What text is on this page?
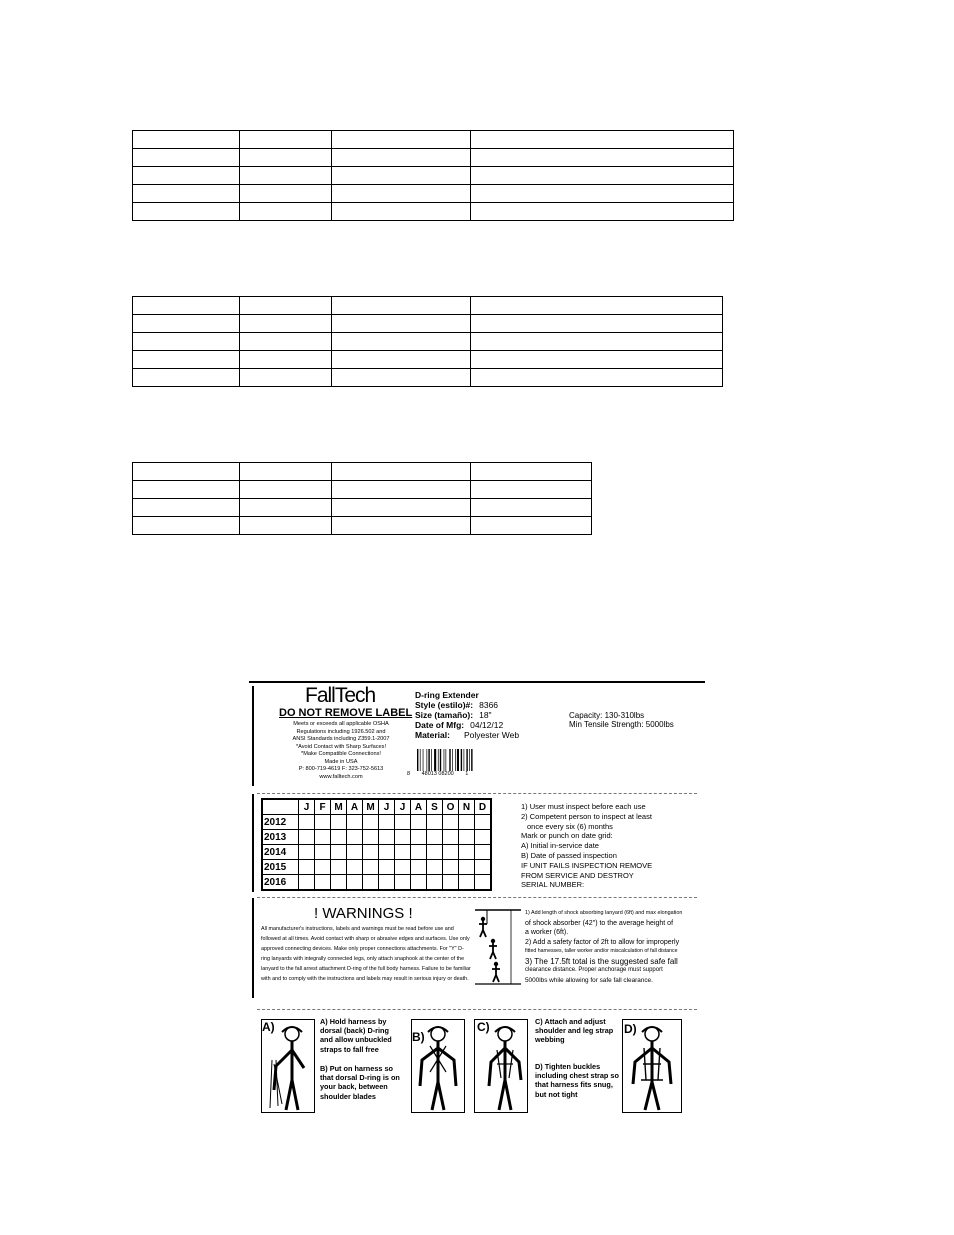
FallTech
DO NOT REMOVE LABEL
Meets or exceeds all applicable OSHA
Regulations including 1926.502 and
ANSI Standards including Z359.1-2007
*Avoid Contact with Sharp Surfaces!
*Make Compatible Connections!
Made in USA
P: 800-719-4619 F: 323-752-5613
www.falltech.com
D-ring Extender
Style (estilo)#: 8366
Size (tamaño): 18"
Date of Mfg: 04/12/12
Material: Polyester Web
Capacity: 130-310lbs
Min Tensile Strength: 5000lbs
8 48013 08200 1
	J	F	M	A	M	J	J	A	S	O	N	D
2012												
2013												
2014												
2015												
2016												
1) User must inspect before each use
2) Competent person to inspect at least
once every six (6) months
Mark or punch on date grid:
A) Initial in-service date
B) Date of passed inspection
IF UNIT FAILS INSPECTION REMOVE
FROM SERVICE AND DESTROY
SERIAL NUMBER:
! WARNINGS !
All manufacturer's instructions, labels and warnings must be read before use and followed at all times. Avoid contact with sharp or abrasive edges and surfaces. Use only approved connecting devices. Make only proper connections attachments. For "Y" D-ring lanyards with integrally connected legs, only attach snaphook at the center of the lanyard to the fall arrest attachment D-ring of the full body harness. Failure to be familiar with and to comply with the instructions and labels may result in serious injury or death.
1) Add length of shock absorbing lanyard (6ft) and max elongation
of shock absorber (42") to the average height of
a worker (6ft).
2) Add a safety factor of 2ft to allow for improperly
fitted harnesses, taller worker and/or miscalculation of fall distance
3) The 17.5ft total is the suggested safe fall
clearance distance. Proper anchorage must support
5000lbs while allowing for safe fall clearance.
A)	A) Hold harness by dorsal (back) D-ring and allow unbuckled straps to fall free
B) Put on harness so that dorsal D-ring is on your back, between shoulder blades
B)
C)	C) Attach and adjust shoulder and leg strap webbing
D) Tighten buckles including chest strap so that harness fits snug, but not tight
D)
